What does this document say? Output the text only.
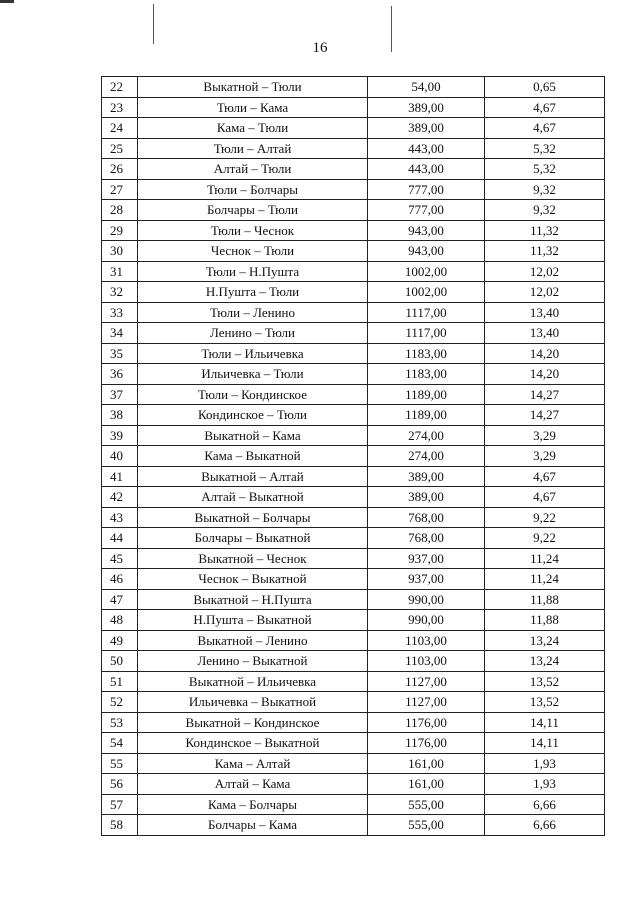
16
22	Выкатной – Тюли	54,00	0,65
23	Тюли – Кама	389,00	4,67
24	Кама – Тюли	389,00	4,67
25	Тюли – Алтай	443,00	5,32
26	Алтай – Тюли	443,00	5,32
27	Тюли – Болчары	777,00	9,32
28	Болчары – Тюли	777,00	9,32
29	Тюли – Чеснок	943,00	11,32
30	Чеснок – Тюли	943,00	11,32
31	Тюли – Н.Пушта	1002,00	12,02
32	Н.Пушта – Тюли	1002,00	12,02
33	Тюли – Ленино	1117,00	13,40
34	Ленино – Тюли	1117,00	13,40
35	Тюли – Ильичевка	1183,00	14,20
36	Ильичевка – Тюли	1183,00	14,20
37	Тюли – Кондинское	1189,00	14,27
38	Кондинское – Тюли	1189,00	14,27
39	Выкатной – Кама	274,00	3,29
40	Кама – Выкатной	274,00	3,29
41	Выкатной – Алтай	389,00	4,67
42	Алтай – Выкатной	389,00	4,67
43	Выкатной – Болчары	768,00	9,22
44	Болчары – Выкатной	768,00	9,22
45	Выкатной – Чеснок	937,00	11,24
46	Чеснок – Выкатной	937,00	11,24
47	Выкатной – Н.Пушта	990,00	11,88
48	Н.Пушта – Выкатной	990,00	11,88
49	Выкатной – Ленино	1103,00	13,24
50	Ленино – Выкатной	1103,00	13,24
51	Выкатной – Ильичевка	1127,00	13,52
52	Ильичевка – Выкатной	1127,00	13,52
53	Выкатной – Кондинское	1176,00	14,11
54	Кондинское – Выкатной	1176,00	14,11
55	Кама – Алтай	161,00	1,93
56	Алтай – Кама	161,00	1,93
57	Кама – Болчары	555,00	6,66
58	Болчары – Кама	555,00	6,66
